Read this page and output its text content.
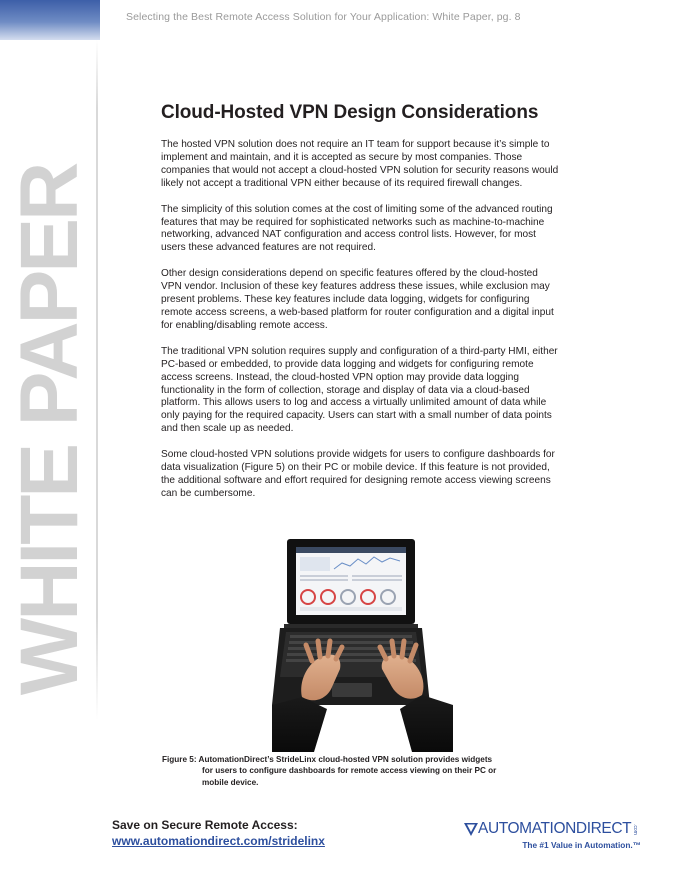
WHITE PAPER
Selecting the Best Remote Access Solution for Your Application: White Paper, pg. 8
Cloud-Hosted VPN Design Considerations

The hosted VPN solution does not require an IT team for support because it’s simple to implement and maintain, and it is accepted as secure by most companies. Those companies that would not accept a cloud-hosted VPN solution for security reasons would likely not accept a traditional VPN either because of its required firewall changes.

The simplicity of this solution comes at the cost of limiting some of the advanced routing features that may be required for sophisticated networks such as machine-to-machine networking, advanced NAT configuration and access control lists. However, for most users these advanced features are not required.

Other design considerations depend on specific features offered by the cloud-hosted VPN vendor. Inclusion of these key features address these issues, while exclusion may present problems. These key features include data logging, widgets for configuring remote access screens, a web-based platform for router configuration and a digital input for enabling/disabling remote access.

The traditional VPN solution requires supply and configuration of a third-party HMI, either PC-based or embedded, to provide data logging and widgets for configuring remote access screens. Instead, the cloud-hosted VPN option may provide data logging functionality in the form of collection, storage and display of data via a cloud-based platform. This allows users to log and access a virtually unlimited amount of data while only paying for the required capacity. Users can start with a small number of data points and then scale up as needed.

Some cloud-hosted VPN solutions provide widgets for users to configure dashboards for data visualization (Figure 5) on their PC or mobile device. If this feature is not provided, the additional software and effort required for designing remote access viewing screens can be cumbersome.

Figure 5: AutomationDirect’s StrideLinx cloud-hosted VPN solution provides widgets
for users to configure dashboards for remote access viewing on their PC or
mobile device.
Save on Secure Remote Access:
www.automationdirect.com/stridelinx
AUTOMATIONDIRECT .com
The #1 Value in Automation.™
